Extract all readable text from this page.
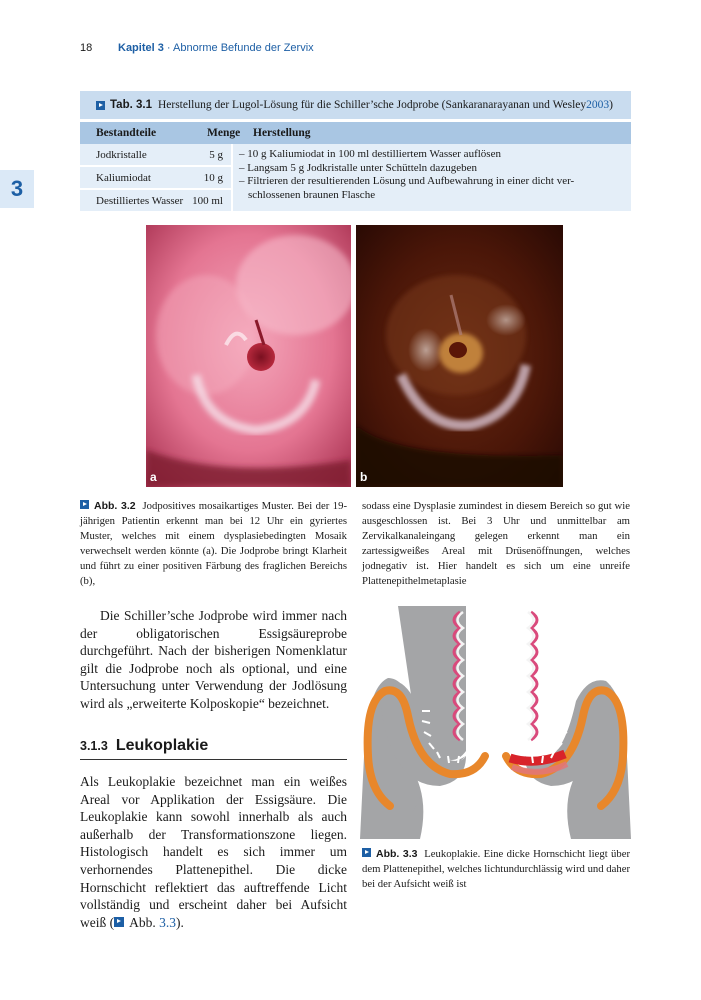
18 Kapitel 3 · Abnorme Befunde der Zervix
3
Tab. 3.1 Herstellung der Lugol-Lösung für die Schiller’sche Jodprobe (Sankaranarayanan und Wesley 2003 )
Bestandteile	Menge	Herstellung
Jodkristalle	5 g
Kaliumiodat	10 g
Destilliertes Wasser 100 ml
– 10 g Kaliumiodat in 100 ml destilliertem Wasser auflösen
– Langsam 5 g Jodkristalle unter Schütteln dazugeben
– Filtrieren der resultierenden Lösung und Aufbewahrung in einer dicht ver-
schlossenen braunen Flasche
a	b
Abb. 3.2 Jodpositives mosaikartiges Muster. Bei der 19-jährigen Patientin erkennt man bei 12 Uhr ein gyriertes Muster, welches mit einem dysplasiebedingten Mosaik verwechselt werden könnte (a). Die Jodprobe bringt Klarheit und führt zu einer positiven Färbung des fraglichen Bereichs (b),
sodass eine Dysplasie zumindest in diesem Bereich so gut wie ausgeschlossen ist. Bei 3 Uhr und unmittelbar am Zervikalkanaleingang gelegen erkennt man ein zartessigweißes Areal mit Drüsenöffnungen, welches jodnegativ ist. Hier handelt es sich um eine unreife Plattenepithelmetaplasie
Die Schiller’sche Jodprobe wird immer nach der obligatorischen Essigsäureprobe durchgeführt. Nach der bisherigen Nomenklatur gilt die Jodprobe noch als optional, und eine Untersuchung unter Verwendung der Jodlösung wird als „erweiterte Kolposkopie“ bezeichnet.
3.1.3 Leukoplakie
Als Leukoplakie bezeichnet man ein weißes Areal vor Applikation der Essigsäure. Die Leukoplakie kann sowohl innerhalb als auch außerhalb der Transformationszone liegen. Histologisch handelt es sich immer um verhornendes Plattenepithel. Die dicke Hornschicht reflektiert das auftreffende Licht vollständig und erscheint daher bei Aufsicht weiß ( Abb. 3.3).
Abb. 3.3 Leukoplakie. Eine dicke Hornschicht liegt über dem Plattenepithel, welches lichtundurchlässig wird und daher bei der Aufsicht weiß ist
